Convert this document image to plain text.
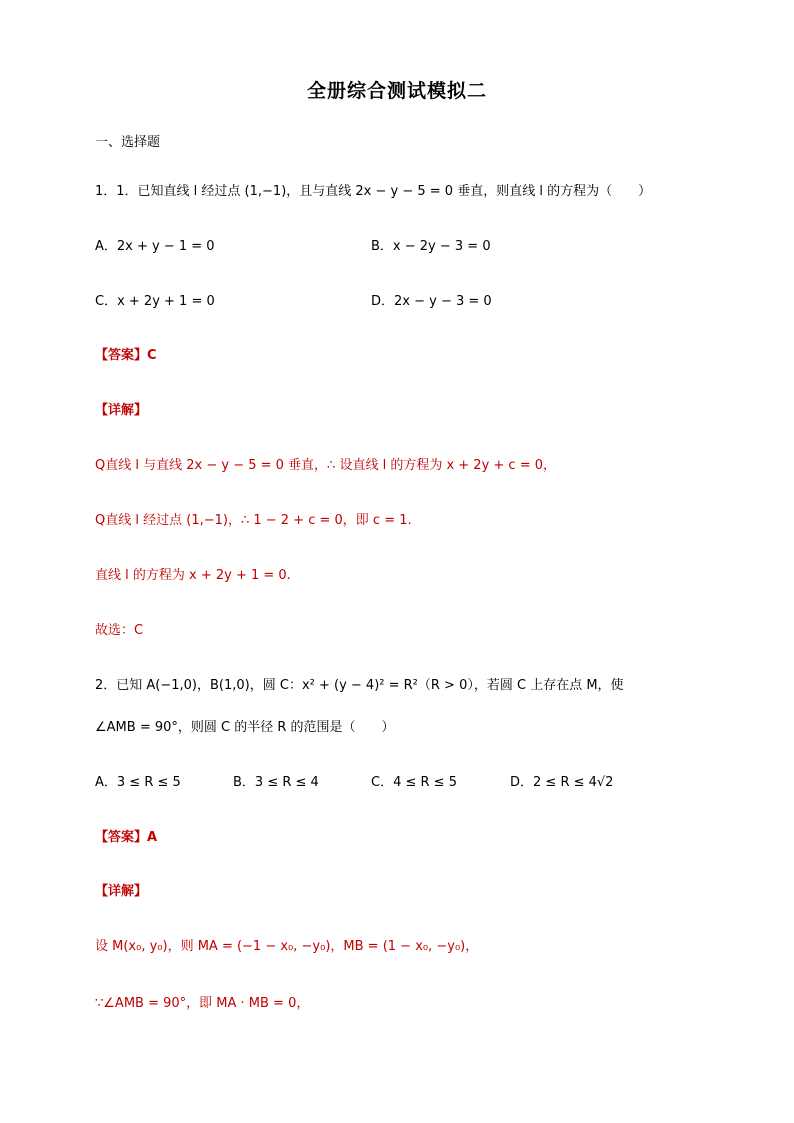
全册综合测试模拟二
一、选择题
1．1．已知直线 l 经过点 (1,−1)，且与直线 2x − y − 5 = 0 垂直，则直线 l 的方程为（　　）
A．2x + y − 1 = 0	B．x − 2y − 3 = 0
C．x + 2y + 1 = 0	D．2x − y − 3 = 0
【答案】C
【详解】
Q直线 l 与直线 2x − y − 5 = 0 垂直，∴ 设直线 l 的方程为 x + 2y + c = 0，
Q直线 l 经过点 (1,−1)，∴ 1 − 2 + c = 0，即 c = 1.
直线 l 的方程为 x + 2y + 1 = 0.
故选：C
2．已知 A(−1,0)，B(1,0)，圆 C：x² + (y − 4)² = R²（R > 0），若圆 C 上存在点 M，使
∠AMB = 90°，则圆 C 的半径 R 的范围是（　　）
A．3 ≤ R ≤ 5	B．3 ≤ R ≤ 4	C．4 ≤ R ≤ 5	D．2 ≤ R ≤ 4√2
【答案】A
【详解】
设 M(x₀, y₀)，则 MA = (−1 − x₀, −y₀)，MB = (1 − x₀, −y₀)，
∵∠AMB = 90°，即 MA · MB = 0，
